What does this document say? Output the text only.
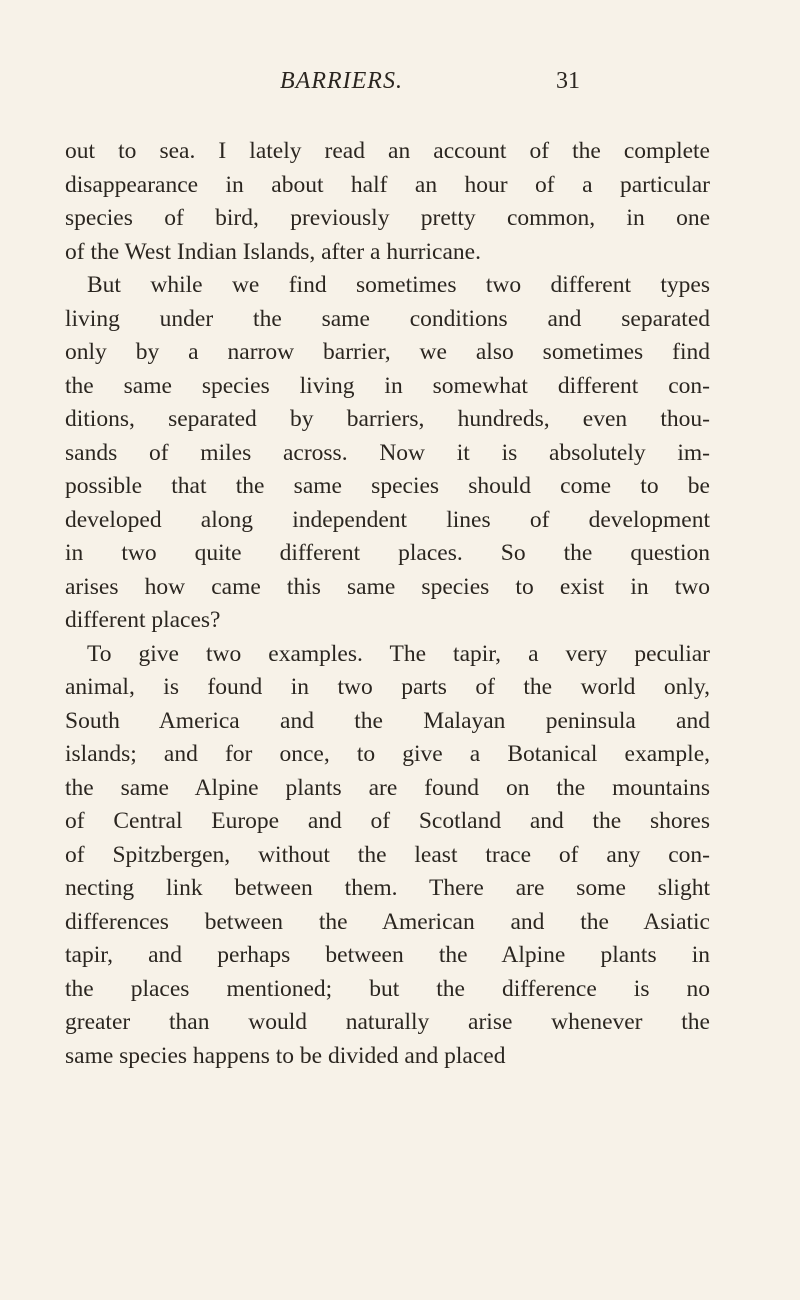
BARRIERS.	31
out to sea. I lately read an account of the complete
disappearance in about half an hour of a particular
species of bird, previously pretty common, in one
of the West Indian Islands, after a hurricane.
But while we find sometimes two different types
living under the same conditions and separated
only by a narrow barrier, we also sometimes find
the same species living in somewhat different con-
ditions, separated by barriers, hundreds, even thou-
sands of miles across. Now it is absolutely im-
possible that the same species should come to be
developed along independent lines of development
in two quite different places. So the question
arises how came this same species to exist in two
different places?
To give two examples. The tapir, a very peculiar
animal, is found in two parts of the world only,
South America and the Malayan peninsula and
islands; and for once, to give a Botanical example,
the same Alpine plants are found on the mountains
of Central Europe and of Scotland and the shores
of Spitzbergen, without the least trace of any con-
necting link between them. There are some slight
differences between the American and the Asiatic
tapir, and perhaps between the Alpine plants in
the places mentioned; but the difference is no
greater than would naturally arise whenever the
same species happens to be divided and placed
